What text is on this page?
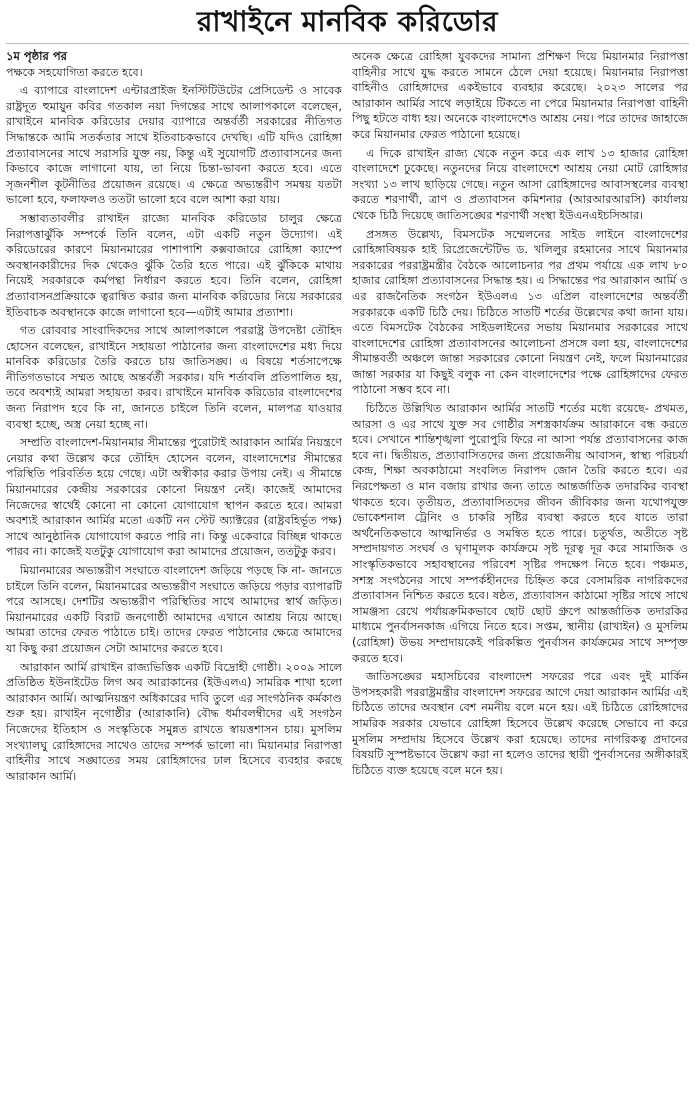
রাখাইনে মানবিক করিডোর
১ম পৃষ্ঠার পর

পক্ষকে সহযোগিতা করতে হবে।

এ ব্যাপারে বাংলাদেশ এন্টারপ্রাইজ ইনস্টিটিউটের প্রেসিডেন্ট ও সাবেক রাষ্ট্রদূত হুমায়ুন কবির গতকাল নয়া দিগন্তের সাথে আলাপকালে বলেছেন, রাখাইনে মানবিক করিডোর দেয়ার ব্যাপারে অন্তর্বর্তী সরকারের নীতিগত সিদ্ধান্তকে আমি সতর্কতার সাথে ইতিবাচকভাবে দেখছি। এটি যদিও রোহিঙ্গা প্রত্যাবাসনের সাথে সরাসরি যুক্ত নয়, কিন্তু এই সুযোগটি প্রত্যাবাসনের জন্য কিভাবে কাজে লাগানো যায়, তা নিয়ে চিন্তা-ভাবনা করতে হবে। এতে সৃজনশীল কূটনীতির প্রয়োজন রয়েছে। এ ক্ষেত্রে অভ্যন্তরীণ সমন্বয় যতটা ভালো হবে, ফলাফলও ততটা ভালো হবে বলে আশা করা যায়।

সম্ভাব্যতাবলীর রাখাইন রাজ্যে মানবিক করিডোর চালুর ক্ষেত্রে নিরাপত্তাঝুঁকি সম্পর্কে তিনি বলেন, এটা একটি নতুন উদ্যোগ। এই করিডোরের কারণে মিয়ানমারের পাশাপাশি কক্সবাজারে রোহিঙ্গা ক্যাম্পে অবস্থানকারীদের দিক থেকেও ঝুঁকি তৈরি হতে পারে। এই ঝুঁকিকে মাথায় নিয়েই সরকারকে কর্মপন্থা নির্ধারণ করতে হবে। তিনি বলেন, রোহিঙ্গা প্রত্যাবাসনপ্রক্রিয়াকে ত্বরান্বিত করার জন্য মানবিক করিডোর নিয়ে সরকারের ইতিবাচক অবস্থানকে কাজে লাগানো হবে—এটাই আমার প্রত্যাশা।

গত রোববার সাংবাদিকদের সাথে আলাপকালে পররাষ্ট্র উপদেষ্টা তৌহিদ হোসেন বলেছেন, রাখাইনে সহায়তা পাঠানোর জন্য বাংলাদেশের মধ্য দিয়ে মানবিক করিডোর তৈরি করতে চায় জাতিসঙ্ঘ। এ বিষয়ে শর্তসাপেক্ষে নীতিগতভাবে সম্মত আছে অন্তর্বর্তী সরকার। যদি শর্তাবলি প্রতিপালিত হয়, তবে অবশ্যই আমরা সহায়তা করব। রাখাইনে মানবিক করিডোর বাংলাদেশের জন্য নিরাপদ হবে কি না, জানতে চাইলে তিনি বলেন, মালপত্র যাওয়ার ব্যবস্থা হচ্ছে, অস্ত্র নেয়া হচ্ছে না।

সম্প্রতি বাংলাদেশ-মিয়ানমার সীমান্তের পুরোটাই আরাকান আর্মির নিয়ন্ত্রণে নেয়ার কথা উল্লেখ করে তৌহিদ হোসেন বলেন, বাংলাদেশের সীমান্তের পরিস্থিতি পরিবর্তিত হয়ে গেছে। এটা অস্বীকার করার উপায় নেই। এ সীমান্তে মিয়ানমারের কেন্দ্রীয় সরকারের কোনো নিয়ন্ত্রণ নেই। কাজেই আমাদের নিজেদের স্বার্থেই কোনো না কোনো যোগাযোগ স্থাপন করতে হবে। আমরা অবশ্যই আরাকান আর্মির মতো একটি নন স্টেট অ্যাক্টরের (রাষ্ট্রবহির্ভূত পক্ষ) সাথে আনুষ্ঠানিক যোগাযোগ করতে পারি না। কিন্তু একেবারে বিচ্ছিন্ন থাকতে পারব না। কাজেই যতটুকু যোগাযোগ করা আমাদের প্রয়োজন, ততটুকু করব।

মিয়ানমারের অভ্যন্তরীণ সংঘাতে বাংলাদেশ জড়িয়ে পড়ছে কি না- জানতে চাইলে তিনি বলেন, মিয়ানমারের অভ্যন্তরীণ সংঘাতে জড়িয়ে পড়ার ব্যাপারটি পরে আসছে। দেশটির অভ্যন্তরীণ পরিস্থিতির সাথে আমাদের স্বার্থ জড়িত। মিয়ানমারের একটি বিরাট জনগোষ্ঠী আমাদের এখানে আশ্রয় নিয়ে আছে। আমরা তাদের ফেরত পাঠাতে চাই। তাদের ফেরত পাঠানোর ক্ষেত্রে আমাদের যা কিছু করা প্রয়োজন সেটা আমাদের করতে হবে।

আরাকান আর্মি রাখাইন রাজ্যভিত্তিক একটি বিদ্রোহী গোষ্ঠী। ২০০৯ সালে প্রতিষ্ঠিত ইউনাইটেড লিগ অব আরাকানের (ইউএলএ) সামরিক শাখা হলো আরাকান আর্মি। আত্মনিয়ন্ত্রণ অধিকারের দাবি তুলে এর সাংগঠনিক কর্মকাণ্ড শুরু হয়। রাখাইন নৃগোষ্ঠীর (আরাকানি) বৌদ্ধ ধর্মাবলম্বীদের এই সংগঠন নিজেদের ইতিহাস ও সংস্কৃতিকে সমুন্নত রাখতে স্বায়ত্তশাসন চায়। মুসলিম সংখ্যালঘু রোহিঙ্গাদের সাথেও তাদের সম্পর্ক ভালো না। মিয়ানমার নিরাপত্তা বাহিনীর সাথে সঙ্ঘাতের সময় রোহিঙ্গাদের ঢাল হিসেবে ব্যবহার করছে আরাকান আর্মি।

অনেক ক্ষেত্রে রোহিঙ্গা যুবকদের সামান্য প্রশিক্ষণ দিয়ে মিয়ানমার নিরাপত্তা বাহিনীর সাথে যুদ্ধ করতে সামনে ঠেলে দেয়া হয়েছে। মিয়ানমার নিরাপত্তা বাহিনীও রোহিঙ্গাদের একইভাবে ব্যবহার করেছে। ২০২৩ সালের পর আরাকান আর্মির সাথে লড়াইয়ে টিকতে না পেরে মিয়ানমার নিরাপত্তা বাহিনী পিছু হটতে বাধ্য হয়। অনেকে বাংলাদেশেও আশ্রয় নেয়। পরে তাদের জাহাজে করে মিয়ানমার ফেরত পাঠানো হয়েছে।

এ দিকে রাখাইন রাজ্য থেকে নতুন করে এক লাখ ১৩ হাজার রোহিঙ্গা বাংলাদেশে ঢুকেছে। নতুনদের নিয়ে বাংলাদেশে আশ্রয় নেয়া মোট রোহিঙ্গার সংখ্যা ১৩ লাখ ছাড়িয়ে গেছে। নতুন আসা রোহিঙ্গাদের আবাসস্থলের ব্যবস্থা করতে শরণার্থী, ত্রাণ ও প্রত্যাবাসন কমিশনার (আরআরআরসি) কার্যালয় থেকে চিঠি দিয়েছে জাতিসঙ্ঘের শরণার্থী সংস্থা ইউএনএইচসিআর।

প্রসঙ্গত উল্লেখ্য, বিমসটেক সম্মেলনের সাইড লাইনে বাংলাদেশের রোহিঙ্গাবিষয়ক হাই রিপ্রেজেন্টেটিভ ড. খলিলুর রহমানের সাথে মিয়ানমার সরকারের পররাষ্ট্রমন্ত্রীর বৈঠকে আলোচনার পর প্রথম পর্যায়ে এক লাখ ৮০ হাজার রোহিঙ্গা প্রত্যাবাসনের সিদ্ধান্ত হয়। এ সিদ্ধান্তের পর আরাকান আর্মি ও এর রাজনৈতিক সংগঠন ইউএলএ ১৩ এপ্রিল বাংলাদেশের অন্তর্বর্তী সরকারকে একটি চিঠি দেয়। চিঠিতে সাতটি শর্তের উল্লেখের কথা জানা যায়। এতে বিমসটেক বৈঠকের সাইডলাইনের সভায় মিয়ানমার সরকারের সাথে বাংলাদেশের রোহিঙ্গা প্রত্যাবাসনের আলোচনা প্রসঙ্গে বলা হয়, বাংলাদেশের সীমান্তবর্তী অঞ্চলে জান্তা সরকারের কোনো নিয়ন্ত্রণ নেই, ফলে মিয়ানমারের জান্তা সরকার যা কিছুই বলুক না কেন বাংলাদেশের পক্ষে রোহিঙ্গাদের ফেরত পাঠানো সম্ভব হবে না।

চিঠিতে উল্লিখিত আরাকান আর্মির সাতটি শর্তের মধ্যে রয়েছে- প্রথমত, আরসা ও এর সাথে যুক্ত সব গোষ্ঠীর সশস্ত্রকার্যক্রম আরাকানে বন্ধ করতে হবে। সেখানে শান্তিশৃঙ্খলা পুরোপুরি ফিরে না আসা পর্যন্ত প্রত্যাবাসনের কাজ হবে না। দ্বিতীয়ত, প্রত্যাবাসিতদের জন্য প্রয়োজনীয় আবাসন, স্বাস্থ্য পরিচর্যা কেন্দ্র, শিক্ষা অবকাঠামো সংবলিত নিরাপদ জোন তৈরি করতে হবে। এর নিরপেক্ষতা ও মান বজায় রাখার জন্য তাতে আন্তর্জাতিক তদারকির ব্যবস্থা থাকতে হবে। তৃতীয়ত, প্রত্যাবাসিতদের জীবন জীবিকার জন্য যথোপযুক্ত ভোকেশনাল ট্রেনিং ও চাকরি সৃষ্টির ব্যবস্থা করতে হবে যাতে তারা অর্থনৈতিকভাবে আত্মনির্ভর ও সমন্বিত হতে পারে। চতুর্থত, অতীতে সৃষ্ট সম্প্রদায়গত সংঘর্ষ ও ঘৃণামূলক কার্যক্রমে সৃষ্ট দূরত্ব দূর করে সামাজিক ও সাংস্কৃতিকভাবে সহাবস্থানের পরিবেশ সৃষ্টির পদক্ষেপ নিতে হবে। পঞ্চমত, সশস্ত্র সংগঠনের সাথে সম্পর্কহীনদের চিহ্নিত করে বেসামরিক নাগরিকদের প্রত্যাবাসন নিশ্চিত করতে হবে। ষষ্ঠত, প্রত্যাবাসন কাঠামো সৃষ্টির সাথে সাথে সামঞ্জস্য রেখে পর্যায়ক্রমিকভাবে ছোট ছোট গ্রুপে আন্তর্জাতিক তদারকির মাধ্যমে পুনর্বাসনকাজ এগিয়ে নিতে হবে। সপ্তম, স্থানীয় (রাখাইন) ও মুসলিম (রোহিঙ্গা) উভয় সম্প্রদায়কেই পরিকল্পিত পুনর্বাসন কার্যক্রমের সাথে সম্পৃক্ত করতে হবে।

জাতিসঙ্ঘের মহাসচিবের বাংলাদেশ সফরের পরে এবং দুই মার্কিন উপসহকারী পররাষ্ট্রমন্ত্রীর বাংলাদেশ সফরের আগে দেয়া আরাকান আর্মির এই চিঠিতে তাদের অবস্থান বেশ নমনীয় বলে মনে হয়। এই চিঠিতে রোহিঙ্গাদের সামরিক সরকার যেভাবে রোহিঙ্গা হিসেবে উল্লেখ করেছে সেভাবে না করে মুসলিম সম্প্রদায় হিসেবে উল্লেখ করা হয়েছে। তাদের নাগরিকত্ব প্রদানের বিষয়টি সুস্পষ্টভাবে উল্লেখ করা না হলেও তাদের স্থায়ী পুনর্বাসনের অঙ্গীকারই চিঠিতে ব্যক্ত হয়েছে বলে মনে হয়।
